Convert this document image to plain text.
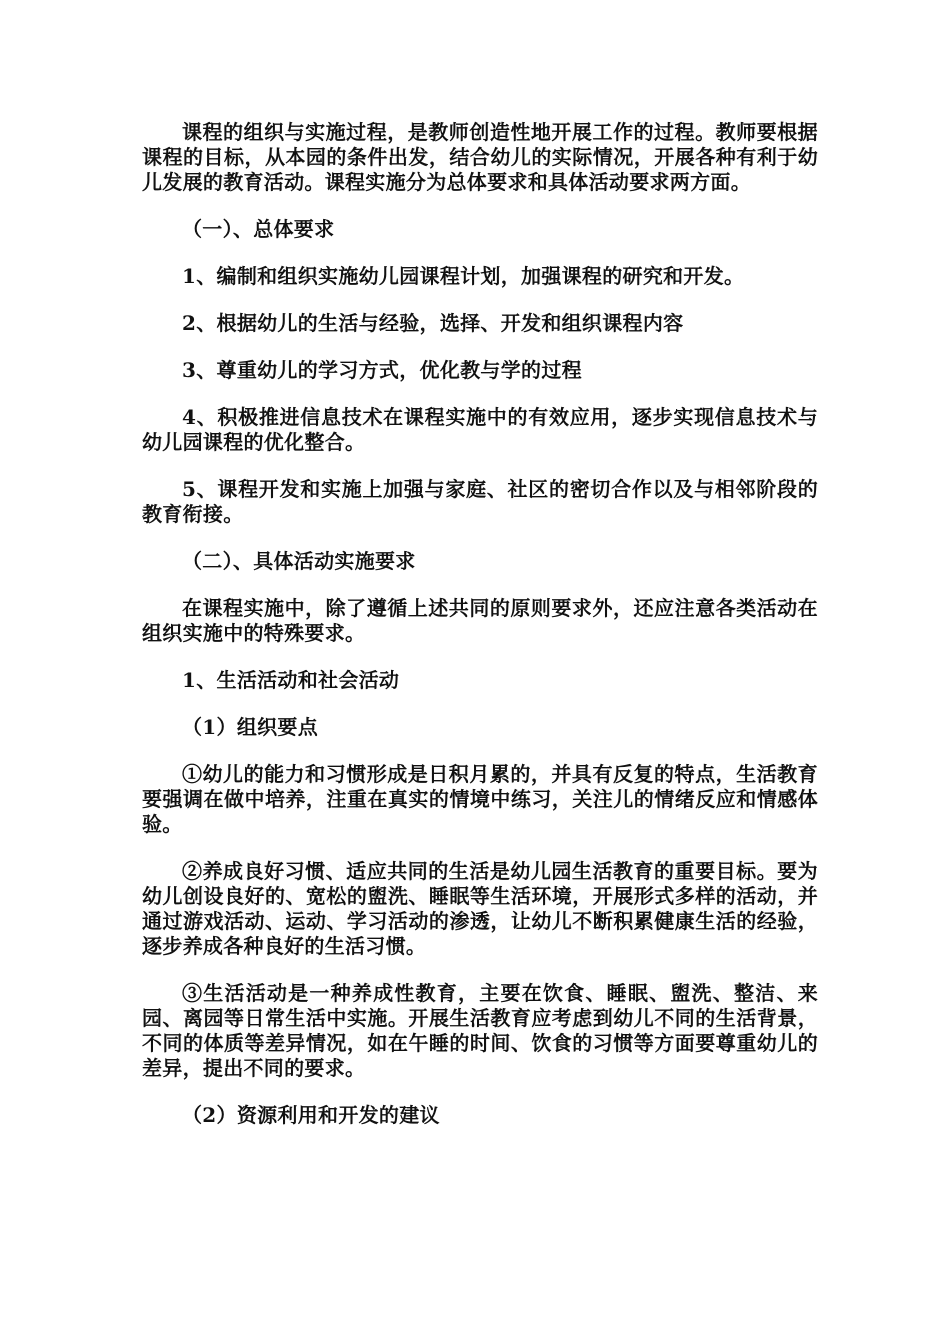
课程的组织与实施过程，是教师创造性地开展工作的过程。教师要根据课程的目标，从本园的条件出发，结合幼儿的实际情况，开展各种有利于幼儿发展的教育活动。课程实施分为总体要求和具体活动要求两方面。

（一）、总体要求

1、编制和组织实施幼儿园课程计划，加强课程的研究和开发。

2、根据幼儿的生活与经验，选择、开发和组织课程内容

3、尊重幼儿的学习方式，优化教与学的过程

4、积极推进信息技术在课程实施中的有效应用，逐步实现信息技术与幼儿园课程的优化整合。

5、课程开发和实施上加强与家庭、社区的密切合作以及与相邻阶段的教育衔接。

（二）、具体活动实施要求

在课程实施中，除了遵循上述共同的原则要求外，还应注意各类活动在组织实施中的特殊要求。

1、生活活动和社会活动

（1）组织要点

①幼儿的能力和习惯形成是日积月累的，并具有反复的特点，生活教育要强调在做中培养，注重在真实的情境中练习，关注儿的情绪反应和情感体验。

②养成良好习惯、适应共同的生活是幼儿园生活教育的重要目标。要为幼儿创设良好的、宽松的盥洗、睡眠等生活环境，开展形式多样的活动，并通过游戏活动、运动、学习活动的渗透，让幼儿不断积累健康生活的经验，逐步养成各种良好的生活习惯。

③生活活动是一种养成性教育，主要在饮食、睡眠、盥洗、整洁、来园、离园等日常生活中实施。开展生活教育应考虑到幼儿不同的生活背景，不同的体质等差异情况，如在午睡的时间、饮食的习惯等方面要尊重幼儿的差异，提出不同的要求。

（2）资源利用和开发的建议
